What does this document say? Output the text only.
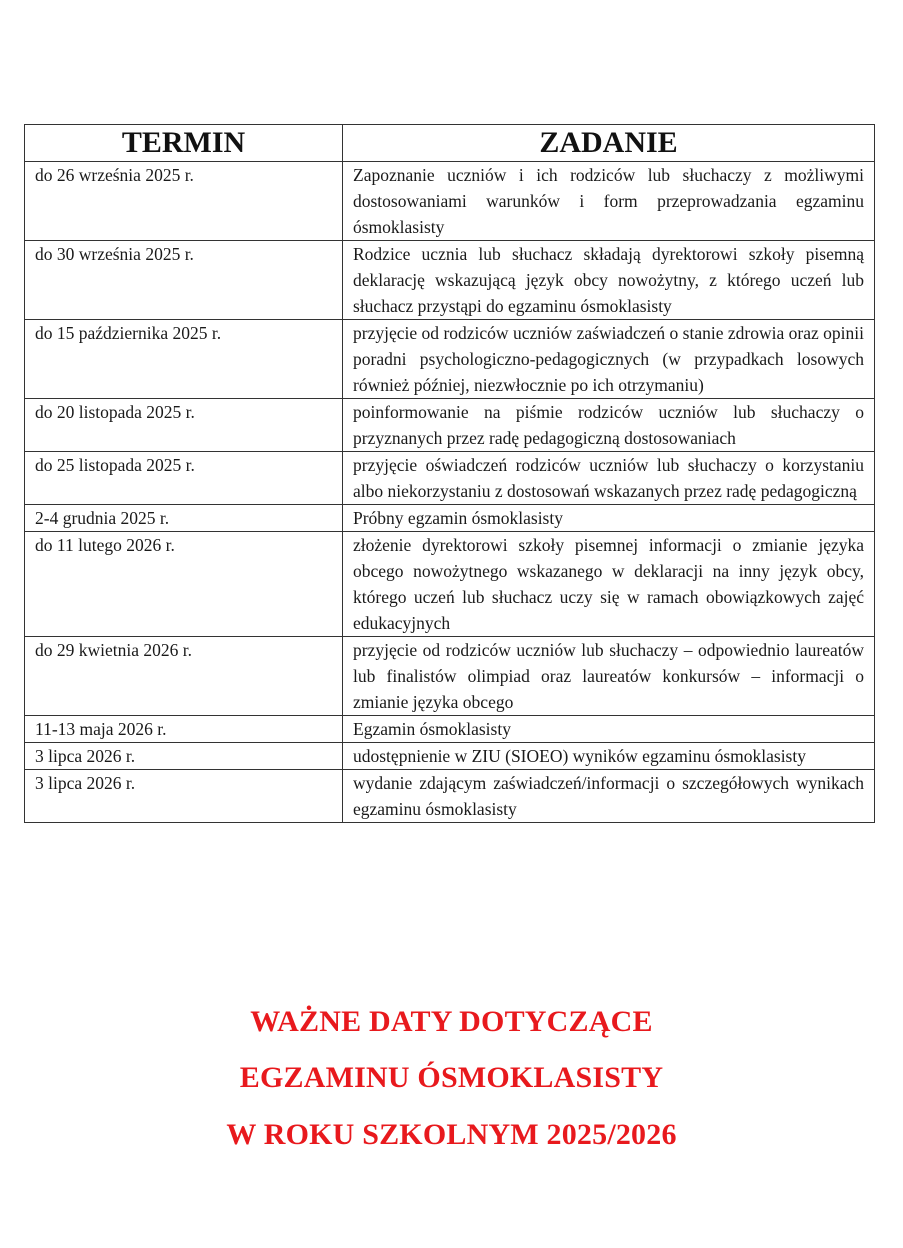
TERMIN	ZADANIE
do 26 września 2025 r.	Zapoznanie uczniów i ich rodziców lub słuchaczy z możliwymi dostosowaniami warunków i form przeprowadzania egzaminu ósmoklasisty
do 30 września 2025 r.	Rodzice ucznia lub słuchacz składają dyrektorowi szkoły pisemną deklarację wskazującą język obcy nowożytny, z którego uczeń lub słuchacz przystąpi do egzaminu ósmoklasisty
do 15 października 2025 r.	przyjęcie od rodziców uczniów zaświadczeń o stanie zdrowia oraz opinii poradni psychologiczno-pedagogicznych (w przypadkach losowych również później, niezwłocznie po ich otrzymaniu)
do 20 listopada 2025 r.	poinformowanie na piśmie rodziców uczniów lub słuchaczy o przyznanych przez radę pedagogiczną dostosowaniach
do 25 listopada 2025 r.	przyjęcie oświadczeń rodziców uczniów lub słuchaczy o korzystaniu albo niekorzystaniu z dostosowań wskazanych przez radę pedagogiczną
2-4 grudnia 2025 r.	Próbny egzamin ósmoklasisty
do 11 lutego 2026 r.	złożenie dyrektorowi szkoły pisemnej informacji o zmianie języka obcego nowożytnego wskazanego w deklaracji na inny język obcy, którego uczeń lub słuchacz uczy się w ramach obowiązkowych zajęć edukacyjnych
do 29 kwietnia 2026 r.	przyjęcie od rodziców uczniów lub słuchaczy – odpowiednio laureatów lub finalistów olimpiad oraz laureatów konkursów – informacji o zmianie języka obcego
11-13 maja 2026 r.	Egzamin ósmoklasisty
3 lipca 2026 r.	udostępnienie w ZIU (SIOEO) wyników egzaminu ósmoklasisty
3 lipca 2026 r.	wydanie zdającym zaświadczeń/informacji o szczegółowych wynikach egzaminu ósmoklasisty
WAŻNE DATY DOTYCZĄCE
EGZAMINU ÓSMOKLASISTY
W ROKU SZKOLNYM 2025/2026
